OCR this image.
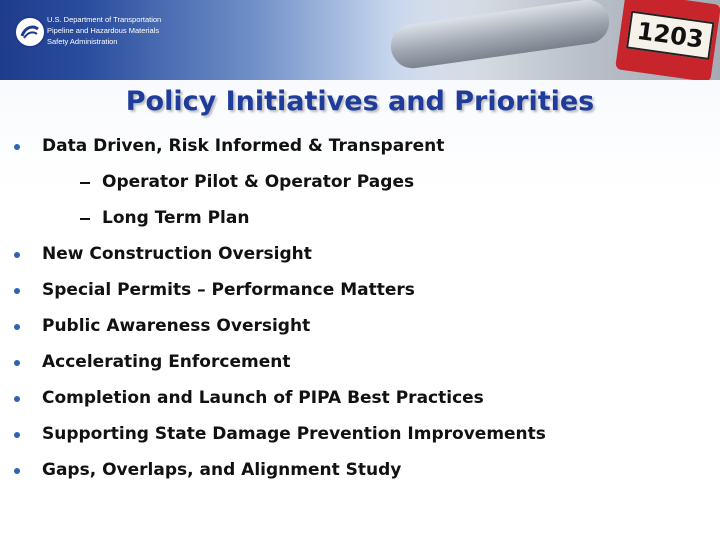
1203
U.S. Department of Transportation
Pipeline and Hazardous Materials
Safety Administration
Policy Initiatives and Priorities
Data Driven, Risk Informed & Transparent
Operator Pilot & Operator Pages
Long Term Plan
New Construction Oversight
Special Permits – Performance Matters
Public Awareness Oversight
Accelerating Enforcement
Completion and Launch of PIPA Best Practices
Supporting State Damage Prevention Improvements
Gaps, Overlaps, and Alignment Study
